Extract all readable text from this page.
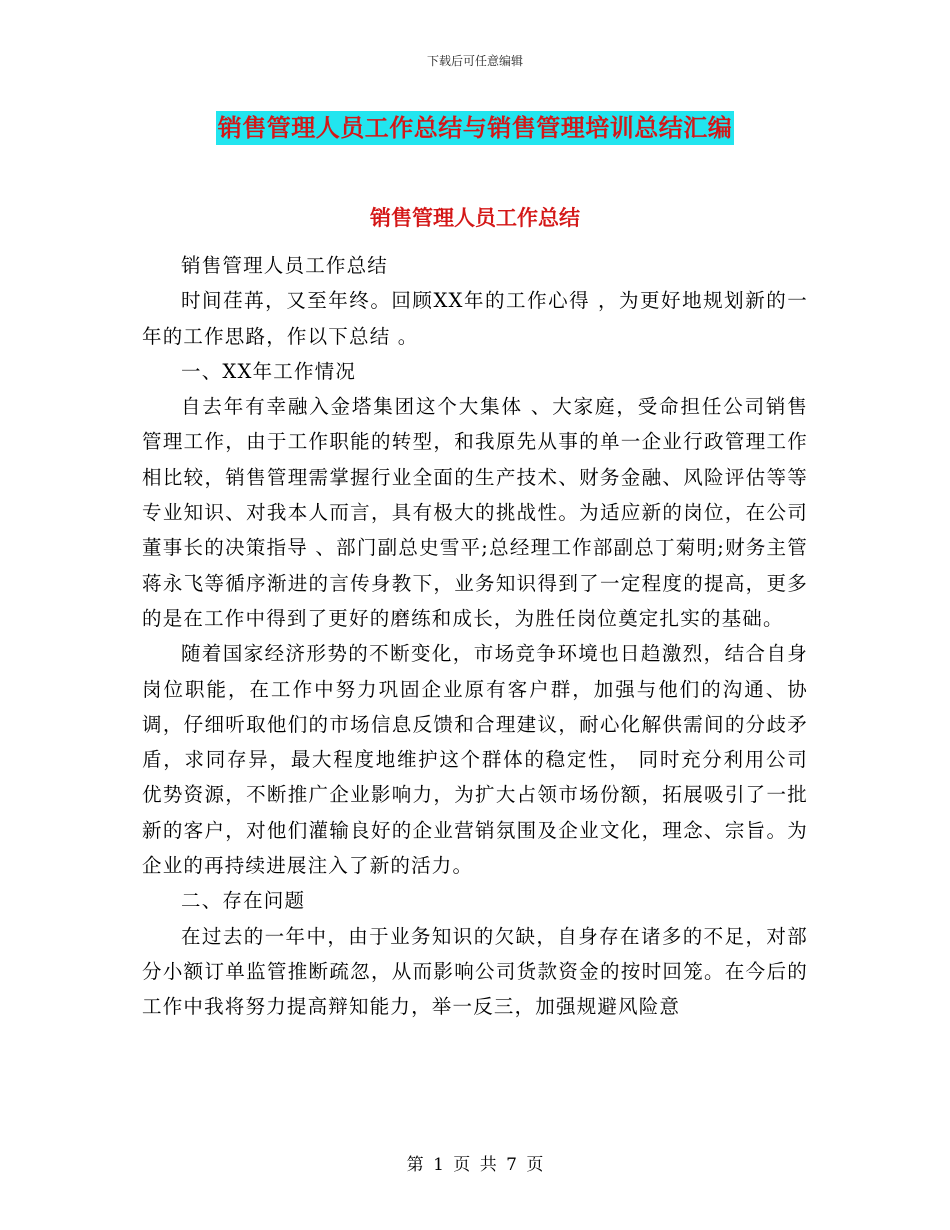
下载后可任意编辑
销售管理人员工作总结与销售管理培训总结汇编
销售管理人员工作总结

销售管理人员工作总结

时间荏苒，又至年终。回顾XX年的工作心得 ，为更好地规划新的一年的工作思路，作以下总结 。

一、XX年工作情况

自去年有幸融入金塔集团这个大集体 、大家庭，受命担任公司销售管理工作，由于工作职能的转型，和我原先从事的单一企业行政管理工作相比较，销售管理需掌握行业全面的生产技术、财务金融、风险评估等等专业知识、对我本人而言，具有极大的挑战性。为适应新的岗位，在公司董事长的决策指导 、部门副总史雪平;总经理工作部副总丁菊明;财务主管蒋永飞等循序渐进的言传身教下，业务知识得到了一定程度的提高，更多的是在工作中得到了更好的磨练和成长，为胜任岗位奠定扎实的基础。

随着国家经济形势的不断变化，市场竞争环境也日趋激烈，结合自身岗位职能，在工作中努力巩固企业原有客户群，加强与他们的沟通、协调，仔细听取他们的市场信息反馈和合理建议，耐心化解供需间的分歧矛盾，求同存异，最大程度地维护这个群体的稳定性， 同时充分利用公司优势资源，不断推广企业影响力，为扩大占领市场份额，拓展吸引了一批新的客户，对他们灌输良好的企业营销氛围及企业文化，理念、宗旨。为企业的再持续进展注入了新的活力。

二、存在问题

在过去的一年中，由于业务知识的欠缺，自身存在诸多的不足，对部分小额订单监管推断疏忽，从而影响公司货款资金的按时回笼。在今后的工作中我将努力提高辩知能力，举一反三，加强规避风险意

第 1 页 共 7 页
